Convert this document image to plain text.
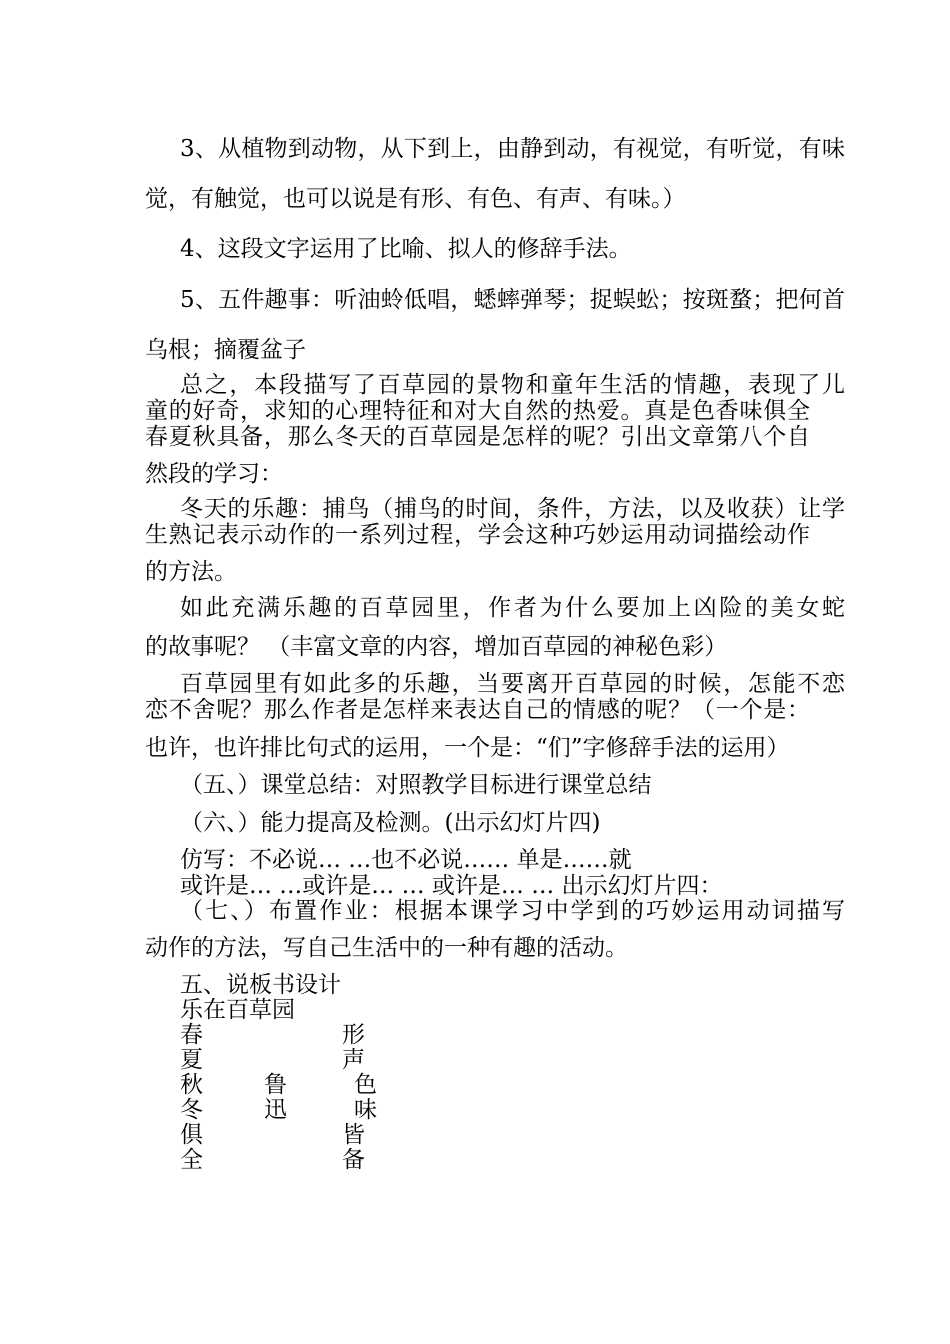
3、从植物到动物，从下到上，由静到动，有视觉，有听觉，有味
觉，有触觉，也可以说是有形、有色、有声、有味。）
4、这段文字运用了比喻、拟人的修辞手法。
5、五件趣事：听油蛉低唱，蟋蟀弹琴；捉蜈蚣；按斑蝥；把何首
乌根；摘覆盆子
总之，本段描写了百草园的景物和童年生活的情趣，表现了儿
童的好奇，求知的心理特征和对大自然的热爱。真是色香味俱全
春夏秋具备，那么冬天的百草园是怎样的呢？引出文章第八个自
然段的学习：
冬天的乐趣：捕鸟（捕鸟的时间，条件，方法，以及收获）让学
生熟记表示动作的一系列过程，学会这种巧妙运用动词描绘动作
的方法。
如此充满乐趣的百草园里，作者为什么要加上凶险的美女蛇
的故事呢？ （丰富文章的内容，增加百草园的神秘色彩）
百草园里有如此多的乐趣，当要离开百草园的时候，怎能不恋
恋不舍呢？那么作者是怎样来表达自己的情感的呢？（一个是：
也许，也许排比句式的运用，一个是：“们”字修辞手法的运用）
（五、）课堂总结：对照教学目标进行课堂总结
（六、）能力提高及检测。(出示幻灯片四)
仿写：不必说… …也不必说…… 单是……就
或许是… …或许是… … 或许是… … 出示幻灯片四：
（七、）布置作业：根据本课学习中学到的巧妙运用动词描写
动作的方法，写自己生活中的一种有趣的活动。
五、说板书设计
乐在百草园
春
夏
秋
冬
俱
全
鲁
迅
形
声
色
味
皆
备
